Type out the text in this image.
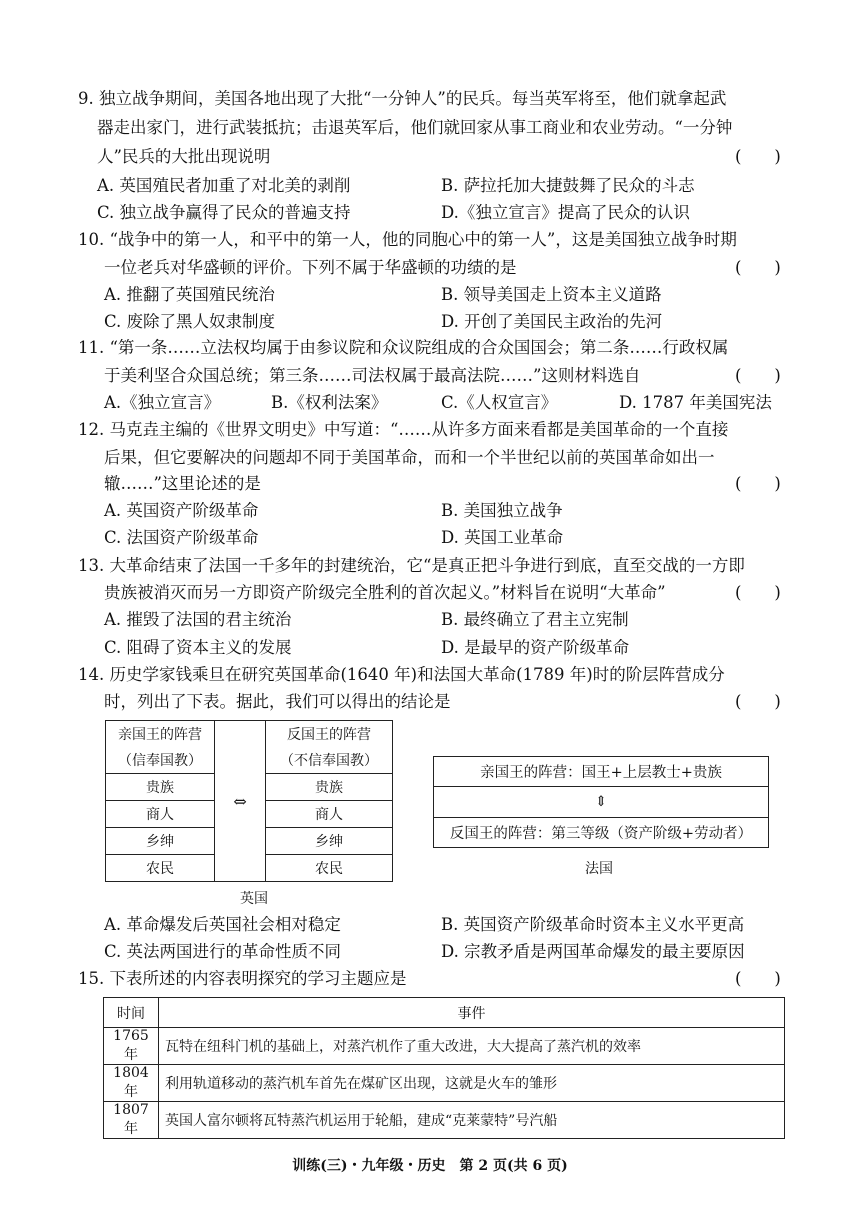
9. 独立战争期间，美国各地出现了大批“一分钟人”的民兵。每当英军将至，他们就拿起武
器走出家门，进行武装抵抗；击退英军后，他们就回家从事工商业和农业劳动。“一分钟
人”民兵的大批出现说明	(　　)
A. 英国殖民者加重了对北美的剥削	B. 萨拉托加大捷鼓舞了民众的斗志
C. 独立战争赢得了民众的普遍支持	D.《独立宣言》提高了民众的认识
10. “战争中的第一人，和平中的第一人，他的同胞心中的第一人”，这是美国独立战争时期
一位老兵对华盛顿的评价。下列不属于华盛顿的功绩的是	(　　)
A. 推翻了英国殖民统治	B. 领导美国走上资本主义道路
C. 废除了黑人奴隶制度	D. 开创了美国民主政治的先河
11. “第一条……立法权均属于由参议院和众议院组成的合众国国会；第二条……行政权属
于美利坚合众国总统；第三条……司法权属于最高法院……”这则材料选自	(　　)
A.《独立宣言》	B.《权利法案》	C.《人权宣言》	D. 1787 年美国宪法
12. 马克垚主编的《世界文明史》中写道：“……从许多方面来看都是美国革命的一个直接
后果，但它要解决的问题却不同于美国革命，而和一个半世纪以前的英国革命如出一
辙……”这里论述的是	(　　)
A. 英国资产阶级革命	B. 美国独立战争
C. 法国资产阶级革命	D. 英国工业革命
13. 大革命结束了法国一千多年的封建统治，它“是真正把斗争进行到底，直至交战的一方即
贵族被消灭而另一方即资产阶级完全胜利的首次起义。”材料旨在说明“大革命”	(　　)
A. 摧毁了法国的君主统治	B. 最终确立了君主立宪制
C. 阻碍了资本主义的发展	D. 是最早的资产阶级革命
14. 历史学家钱乘旦在研究英国革命(1640 年)和法国大革命(1789 年)时的阶层阵营成分
时，列出了下表。据此，我们可以得出的结论是	(　　)
亲国王的阵营	⇔	反国王的阵营
（信奉国教）		（不信奉国教）
贵族		贵族
商人		商人
乡绅		乡绅
农民		农民
英国
亲国王的阵营：国王+上层教士+贵族
⇕
反国王的阵营：第三等级（资产阶级+劳动者）
法国
A. 革命爆发后英国社会相对稳定	B. 英国资产阶级革命时资本主义水平更高
C. 英法两国进行的革命性质不同	D. 宗教矛盾是两国革命爆发的最主要原因
15. 下表所述的内容表明探究的学习主题应是	(　　)
时间	事件
1765 年	瓦特在纽科门机的基础上，对蒸汽机作了重大改进，大大提高了蒸汽机的效率
1804 年	利用轨道移动的蒸汽机车首先在煤矿区出现，这就是火车的雏形
1807 年	英国人富尔顿将瓦特蒸汽机运用于轮船，建成“克莱蒙特”号汽船
训练(三)・九年级・历史　第 2 页(共 6 页)
